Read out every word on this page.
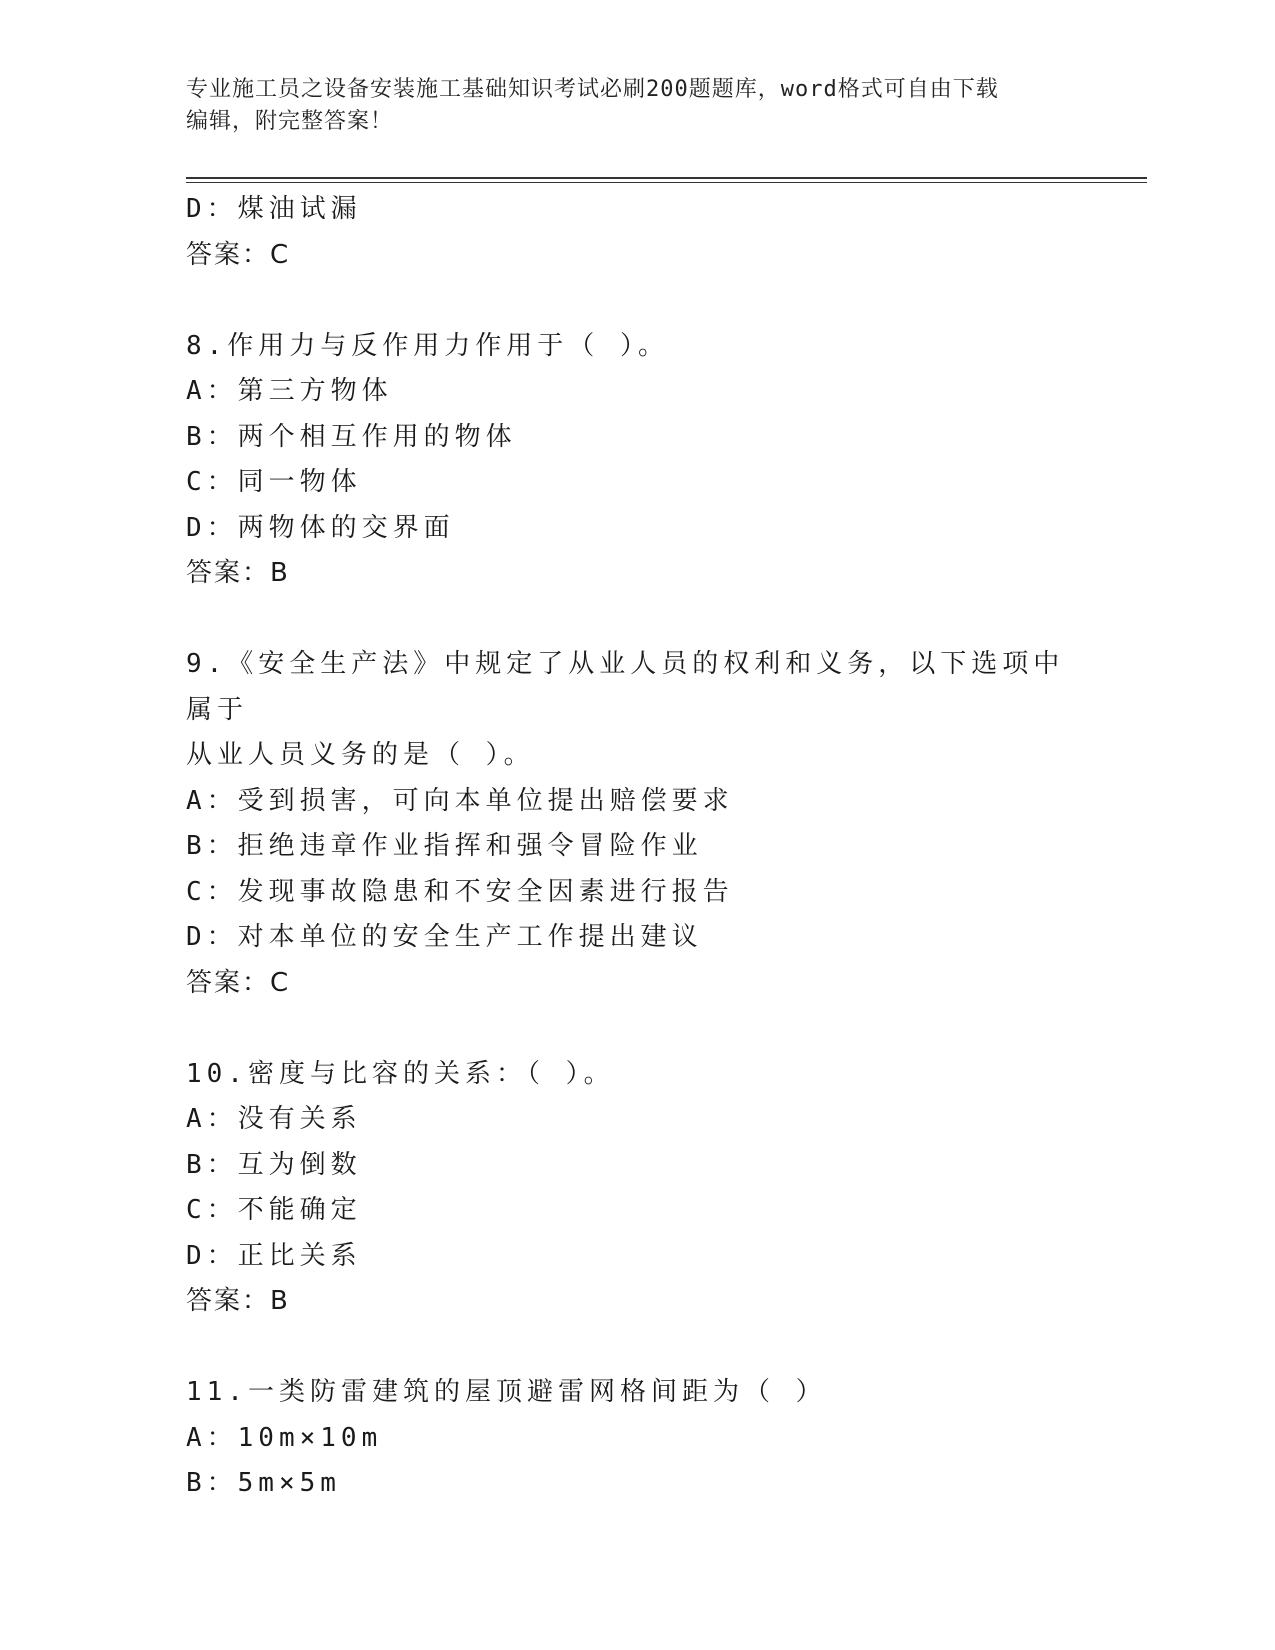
专业施工员之设备安装施工基础知识考试必刷200题题库，word格式可自由下载
编辑，附完整答案！
D：煤油试漏
答案：C
8.作用力与反作用力作用于（ ）。
A：第三方物体
B：两个相互作用的物体
C：同一物体
D：两物体的交界面
答案：B
9.《安全生产法》中规定了从业人员的权利和义务，以下选项中属于
从业人员义务的是（ ）。
A：受到损害，可向本单位提出赔偿要求
B：拒绝违章作业指挥和强令冒险作业
C：发现事故隐患和不安全因素进行报告
D：对本单位的安全生产工作提出建议
答案：C
10.密度与比容的关系：（ ）。
A：没有关系
B：互为倒数
C：不能确定
D：正比关系
答案：B
11.一类防雷建筑的屋顶避雷网格间距为（ ）
A：10m×10m
B：5m×5m
